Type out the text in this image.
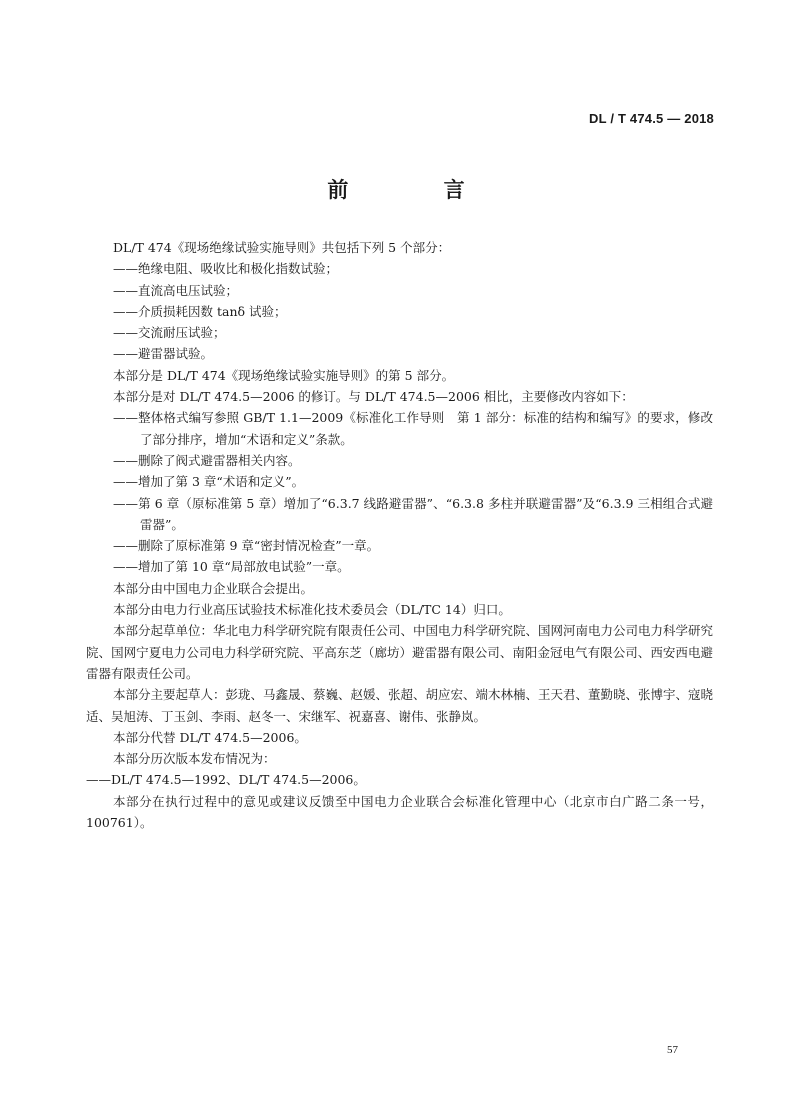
DL / T 474.5 — 2018
前 言

DL/T 474《现场绝缘试验实施导则》共包括下列 5 个部分：

——绝缘电阻、吸收比和极化指数试验；

——直流高电压试验；

——介质损耗因数 tanδ 试验；

——交流耐压试验；

——避雷器试验。

本部分是 DL/T 474《现场绝缘试验实施导则》的第 5 部分。

本部分是对 DL/T 474.5—2006 的修订。与 DL/T 474.5—2006 相比，主要修改内容如下：

——整体格式编写参照 GB/T 1.1—2009《标准化工作导则　第 1 部分：标准的结构和编写》的要求，修改了部分排序，增加“术语和定义”条款。

——删除了阀式避雷器相关内容。

——增加了第 3 章“术语和定义”。

——第 6 章（原标准第 5 章）增加了“6.3.7 线路避雷器”、“6.3.8 多柱并联避雷器”及“6.3.9 三相组合式避雷器”。

——删除了原标准第 9 章“密封情况检查”一章。

——增加了第 10 章“局部放电试验”一章。

本部分由中国电力企业联合会提出。

本部分由电力行业高压试验技术标准化技术委员会（DL/TC 14）归口。

本部分起草单位：华北电力科学研究院有限责任公司、中国电力科学研究院、国网河南电力公司电力科学研究院、国网宁夏电力公司电力科学研究院、平高东芝（廊坊）避雷器有限公司、南阳金冠电气有限公司、西安西电避雷器有限责任公司。

本部分主要起草人：彭珑、马鑫晟、蔡巍、赵媛、张超、胡应宏、端木林楠、王天君、董勤晓、张博宇、寇晓适、吴旭涛、丁玉剑、李雨、赵冬一、宋继军、祝嘉喜、谢伟、张静岚。

本部分代替 DL/T 474.5—2006。

本部分历次版本发布情况为：

——DL/T 474.5—1992、DL/T 474.5—2006。

本部分在执行过程中的意见或建议反馈至中国电力企业联合会标准化管理中心（北京市白广路二条一号，100761）。

57
